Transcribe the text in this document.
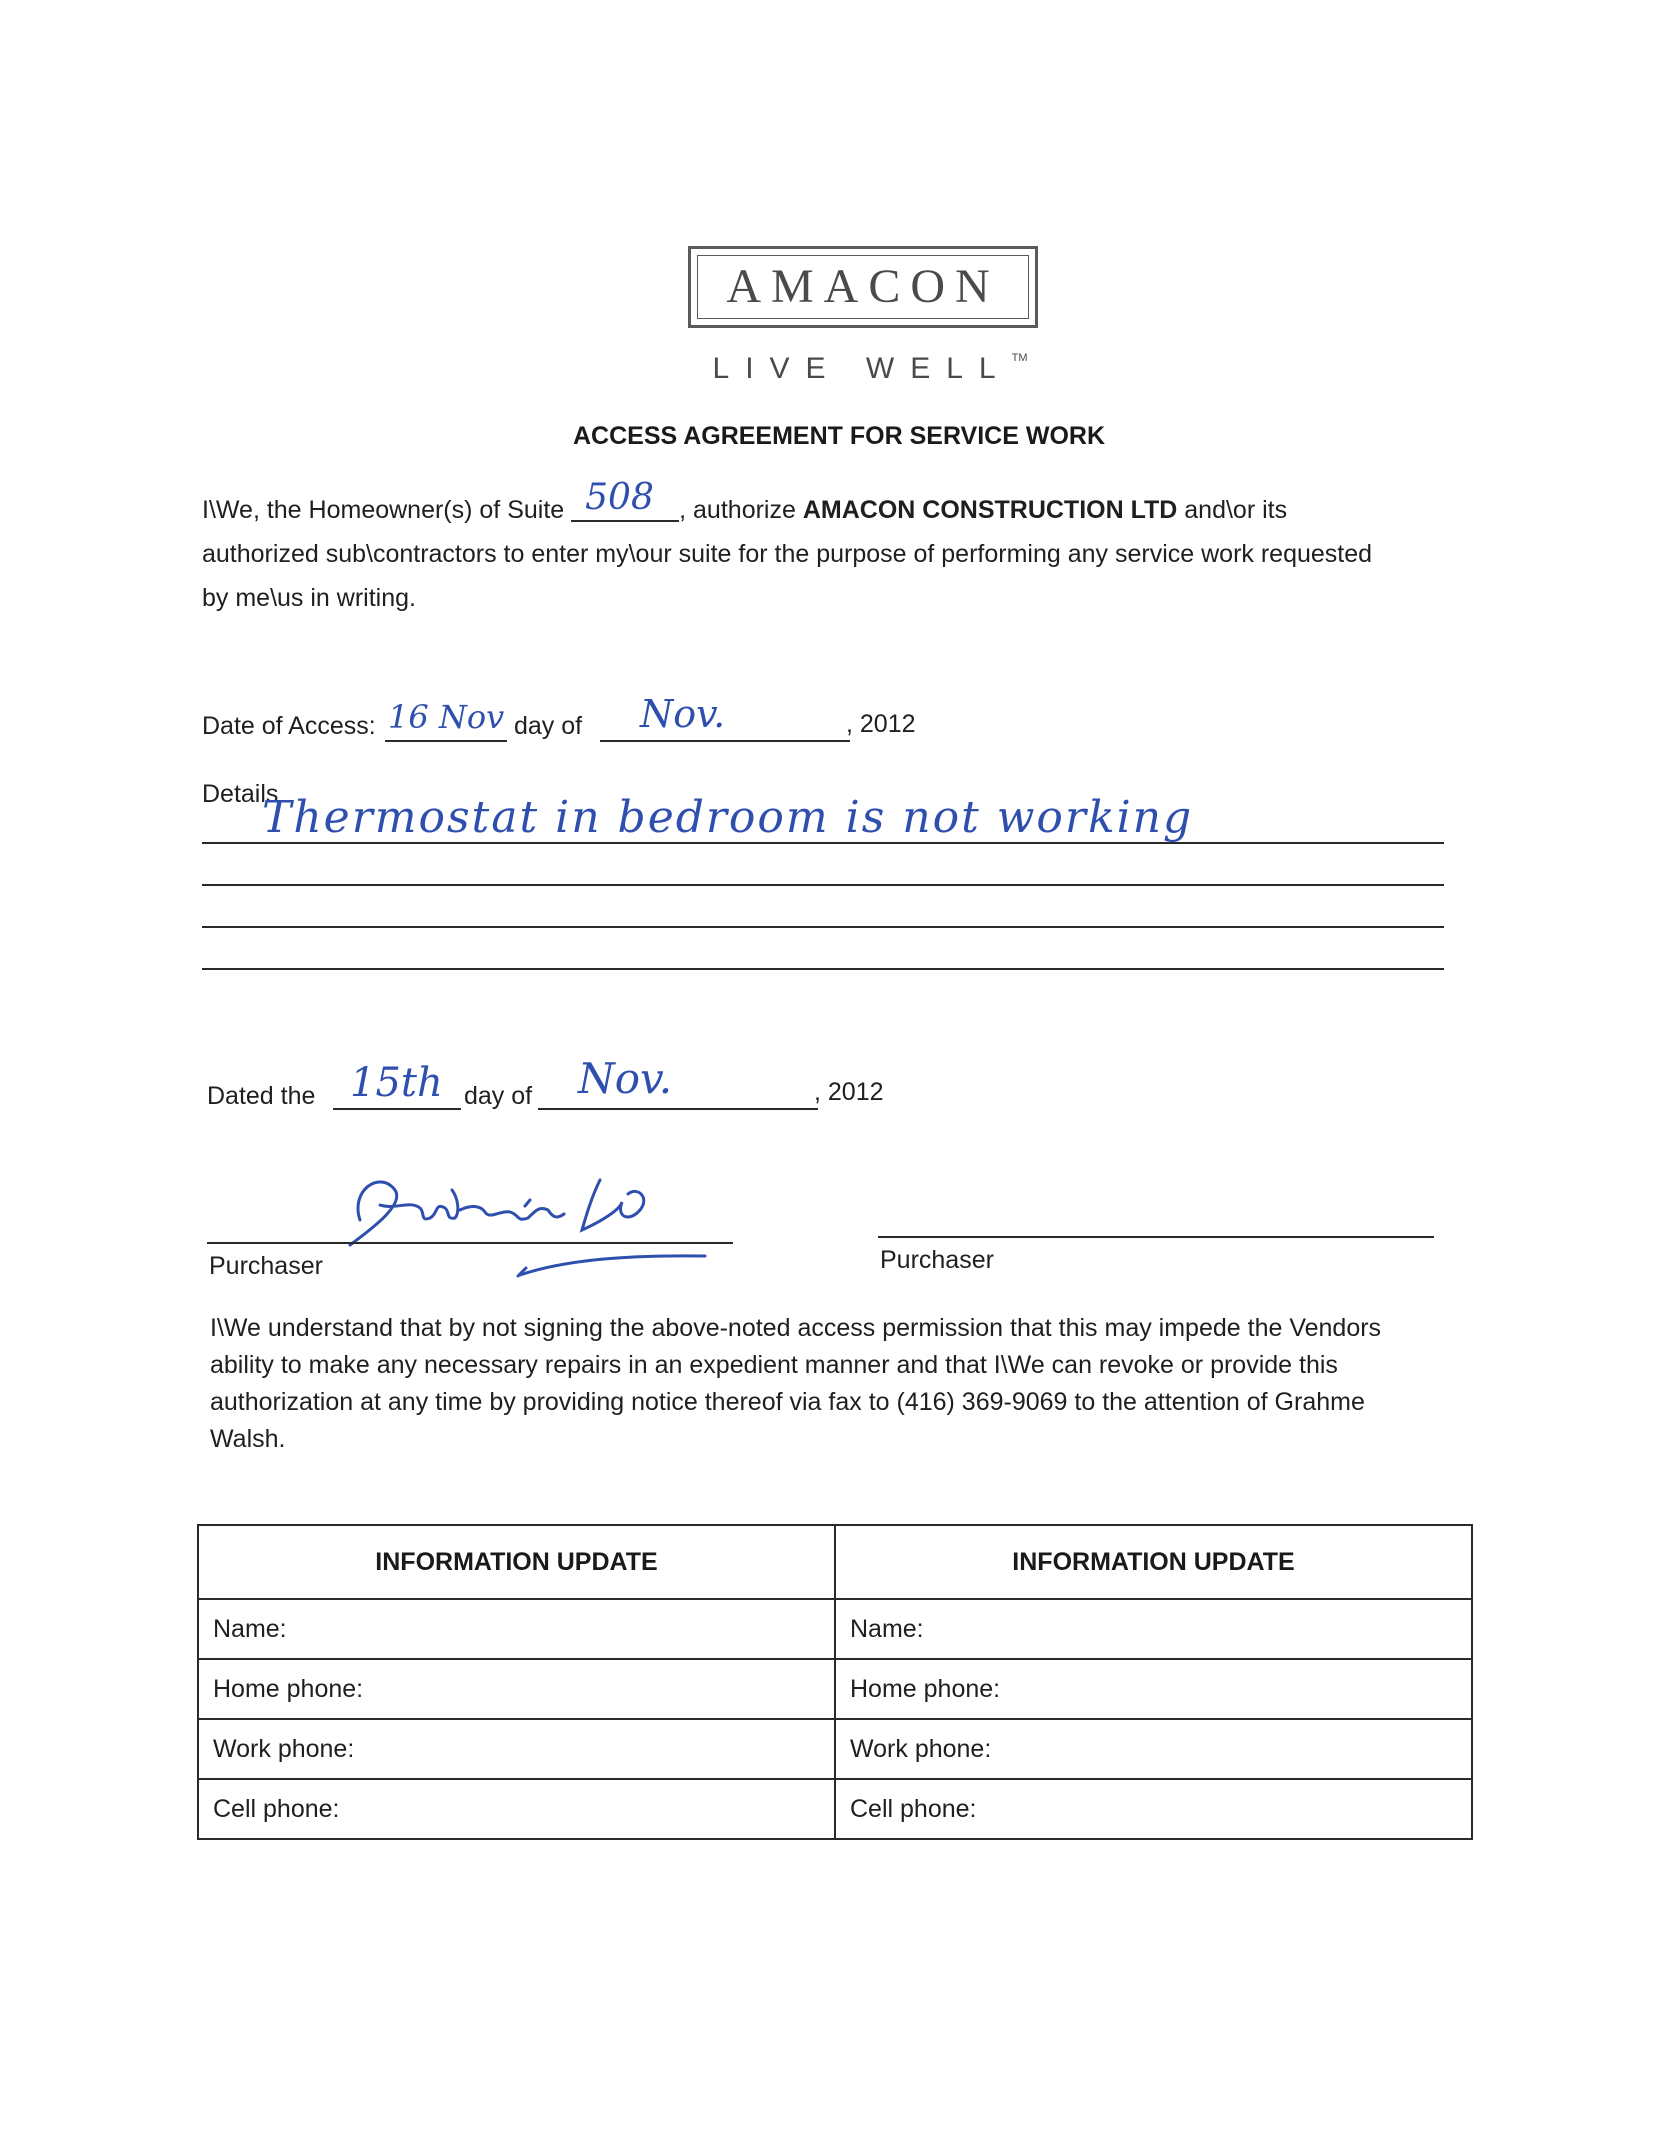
AMACON
LIVE WELL™
ACCESS AGREEMENT FOR SERVICE WORK
I\We, the Homeowner(s) of Suite 508 , authorize AMACON CONSTRUCTION LTD and\or its authorized sub\contractors to enter my\our suite for the purpose of performing any service work requested by me\us in writing.
Date of Access: 16 Nov day of Nov.	, 2012
Details
Thermostat in bedroom is not working
Dated the 15th day of Nov.	, 2012
Purchaser	Purchaser
I\We understand that by not signing the above-noted access permission that this may impede the Vendors ability to make any necessary repairs in an expedient manner and that I\We can revoke or provide this authorization at any time by providing notice thereof via fax to (416) 369-9069 to the attention of Grahme Walsh.
INFORMATION UPDATE	INFORMATION UPDATE
Name:	Name:
Home phone:	Home phone:
Work phone:	Work phone:
Cell phone:	Cell phone:
